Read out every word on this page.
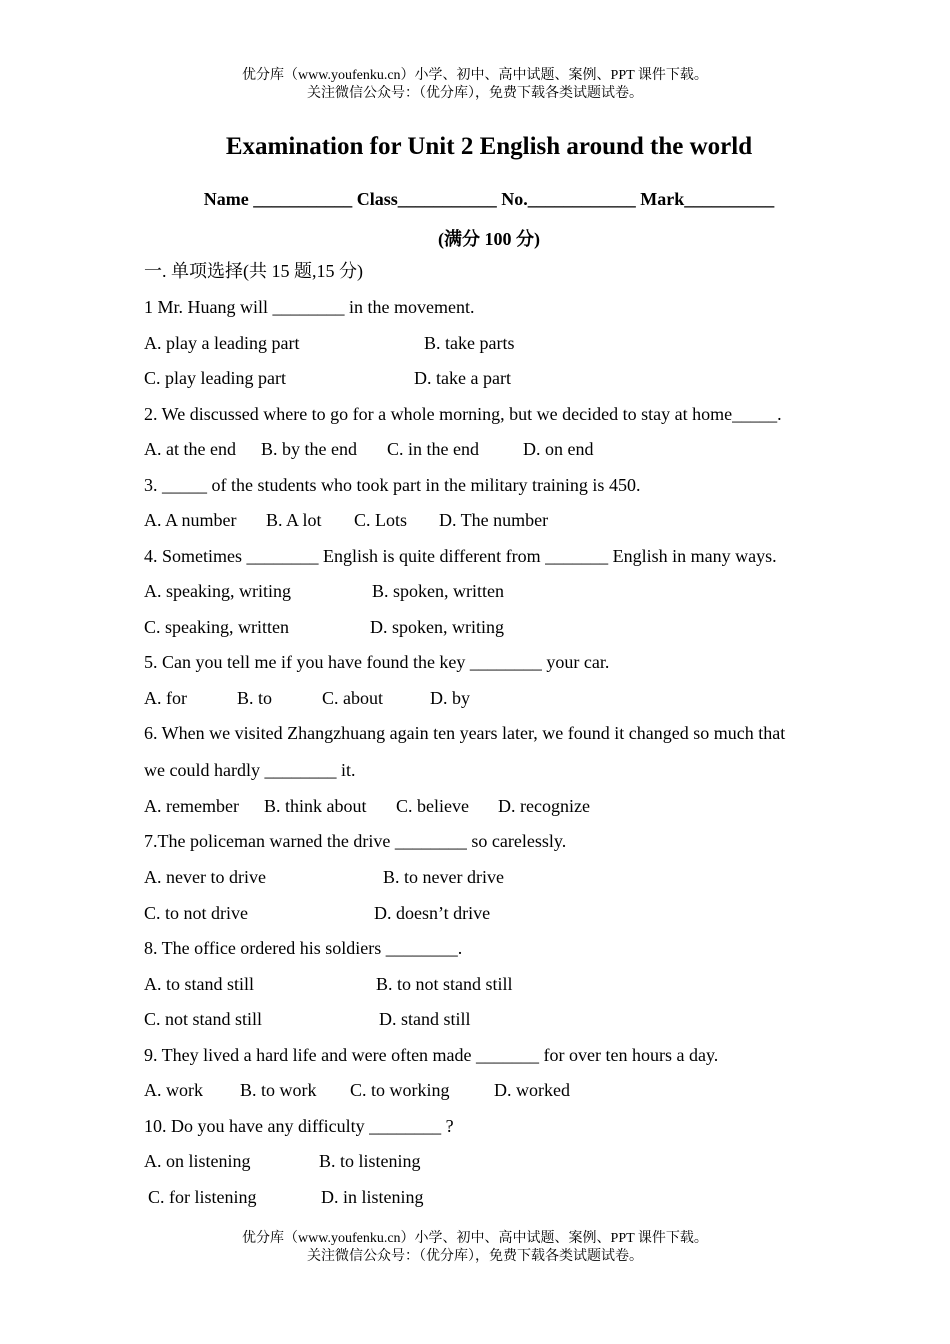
优分库（www.youfenku.cn）小学、初中、高中试题、案例、PPT 课件下载。
关注微信公众号：（优分库），免费下载各类试题试卷。
Examination for Unit 2 English around the world
Name ___________ Class___________ No.____________ Mark__________
(满分 100 分)
一. 单项选择(共 15 题,15 分)
1 Mr. Huang will ________ in the movement.
A. play a leading part	B. take parts
C. play leading part	D. take a part
2. We discussed where to go for a whole morning, but we decided to stay at home_____.
A. at the end B. by the end C. in the end D. on end
3. _____ of the students who took part in the military training is 450.
A. A number B. A lot C. Lots D. The number
4. Sometimes ________ English is quite different from _______ English in many ways.
A. speaking, writing	B. spoken, written
C. speaking, written	D. spoken, writing
5. Can you tell me if you have found the key ________ your car.
A. for	B. to	C. about	D. by
6. When we visited Zhangzhuang again ten years later, we found it changed so much that
we could hardly ________ it.
A. remember B. think about C. believe D. recognize
7.The policeman warned the drive ________ so carelessly.
A. never to drive	B. to never drive
C. to not drive	D. doesn’t drive
8. The office ordered his soldiers ________.
A. to stand still	B. to not stand still
C. not stand still	D. stand still
9. They lived a hard life and were often made _______ for over ten hours a day.
A. work B. to work C. to working D. worked
10. Do you have any difficulty ________ ?
A. on listening	B. to listening
C. for listening	D. in listening
优分库（www.youfenku.cn）小学、初中、高中试题、案例、PPT 课件下载。
关注微信公众号：（优分库），免费下载各类试题试卷。
